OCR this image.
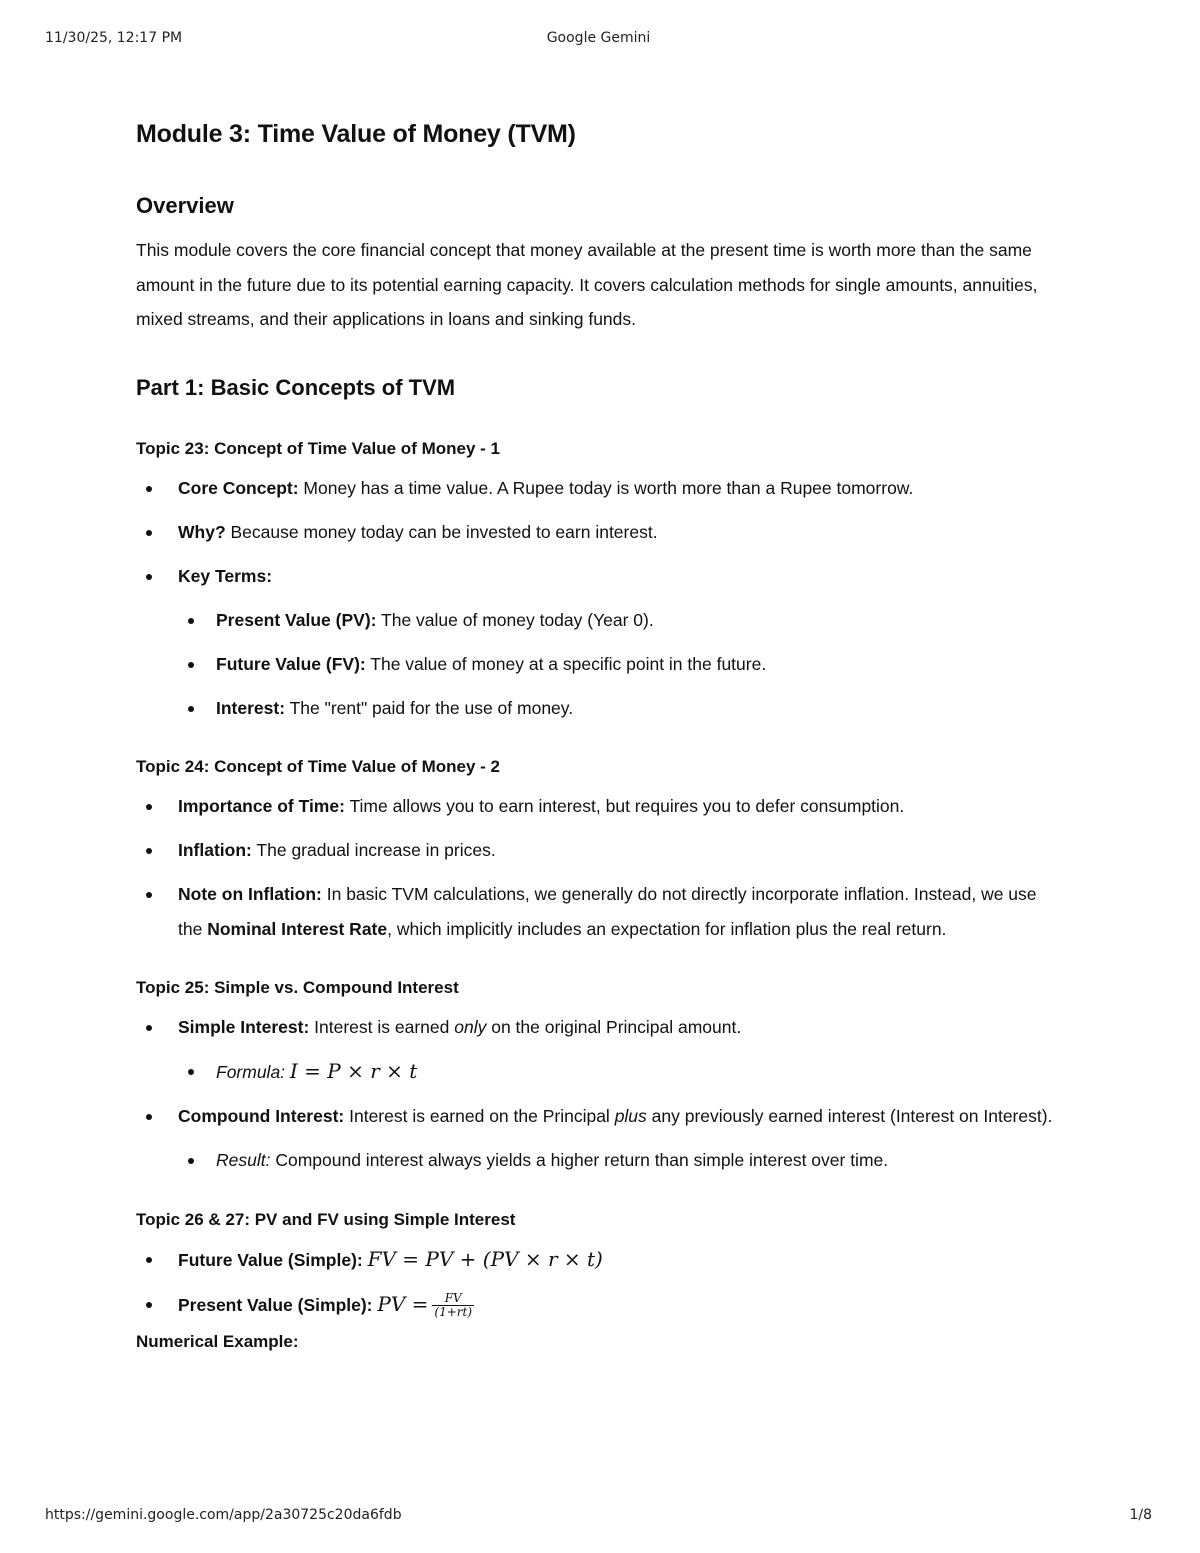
11/30/25, 12:17 PM	Google Gemini
Module 3: Time Value of Money (TVM)
Overview

This module covers the core financial concept that money available at the present time is worth more than the same amount in the future due to its potential earning capacity. It covers calculation methods for single amounts, annuities, mixed streams, and their applications in loans and sinking funds.

Part 1: Basic Concepts of TVM
Topic 23: Concept of Time Value of Money - 1
Core Concept: Money has a time value. A Rupee today is worth more than a Rupee tomorrow.
Why? Because money today can be invested to earn interest.
Key Terms:
Present Value (PV): The value of money today (Year 0).
Future Value (FV): The value of money at a specific point in the future.
Interest: The "rent" paid for the use of money.
Topic 24: Concept of Time Value of Money - 2
Importance of Time: Time allows you to earn interest, but requires you to defer consumption.
Inflation: The gradual increase in prices.
Note on Inflation: In basic TVM calculations, we generally do not directly incorporate inflation. Instead, we use the Nominal Interest Rate, which implicitly includes an expectation for inflation plus the real return.
Topic 25: Simple vs. Compound Interest
Simple Interest: Interest is earned only on the original Principal amount.
Formula: I = P × r × t
Compound Interest: Interest is earned on the Principal plus any previously earned interest (Interest on Interest).
Result: Compound interest always yields a higher return than simple interest over time.
Topic 26 & 27: PV and FV using Simple Interest
Future Value (Simple): FV = PV + (PV × r × t)
Present Value (Simple): PV = $\frac{FV}{(1+rt)}$
Numerical Example:
https://gemini.google.com/app/2a30725c20da6fdb	1/8
